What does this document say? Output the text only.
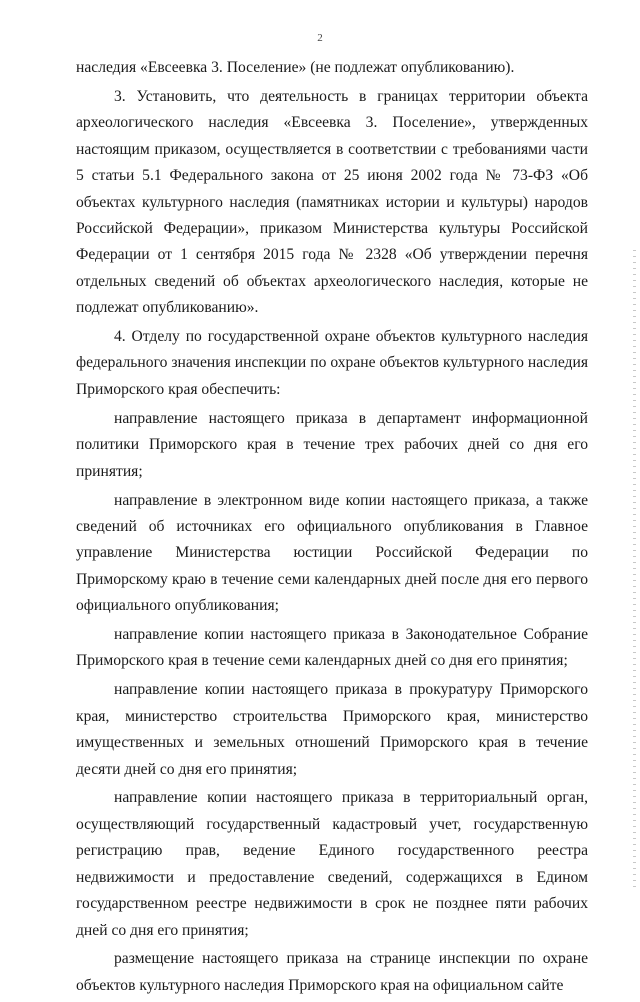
2

наследия «Евсеевка 3. Поселение» (не подлежат опубликованию).

3. Установить, что деятельность в границах территории объекта археологического наследия «Евсеевка 3. Поселение», утвержденных настоящим приказом, осуществляется в соответствии с требованиями части 5 статьи 5.1 Федерального закона от 25 июня 2002 года № 73-ФЗ «Об объектах культурного наследия (памятниках истории и культуры) народов Российской Федерации», приказом Министерства культуры Российской Федерации от 1 сентября 2015 года № 2328 «Об утверждении перечня отдельных сведений об объектах археологического наследия, которые не подлежат опубликованию».

4. Отделу по государственной охране объектов культурного наследия федерального значения инспекции по охране объектов культурного наследия Приморского края обеспечить:

направление настоящего приказа в департамент информационной политики Приморского края в течение трех рабочих дней со дня его принятия;

направление в электронном виде копии настоящего приказа, а также сведений об источниках его официального опубликования в Главное управление Министерства юстиции Российской Федерации по Приморскому краю в течение семи календарных дней после дня его первого официального опубликования;

направление копии настоящего приказа в Законодательное Собрание Приморского края в течение семи календарных дней со дня его принятия;

направление копии настоящего приказа в прокуратуру Приморского края, министерство строительства Приморского края, министерство имущественных и земельных отношений Приморского края в течение десяти дней со дня его принятия;

направление копии настоящего приказа в территориальный орган, осуществляющий государственный кадастровый учет, государственную регистрацию прав, ведение Единого государственного реестра недвижимости и предоставление сведений, содержащихся в Едином государственном реестре недвижимости в срок не позднее пяти рабочих дней со дня его принятия;

размещение настоящего приказа на странице инспекции по охране объектов культурного наследия Приморского края на официальном сайте
